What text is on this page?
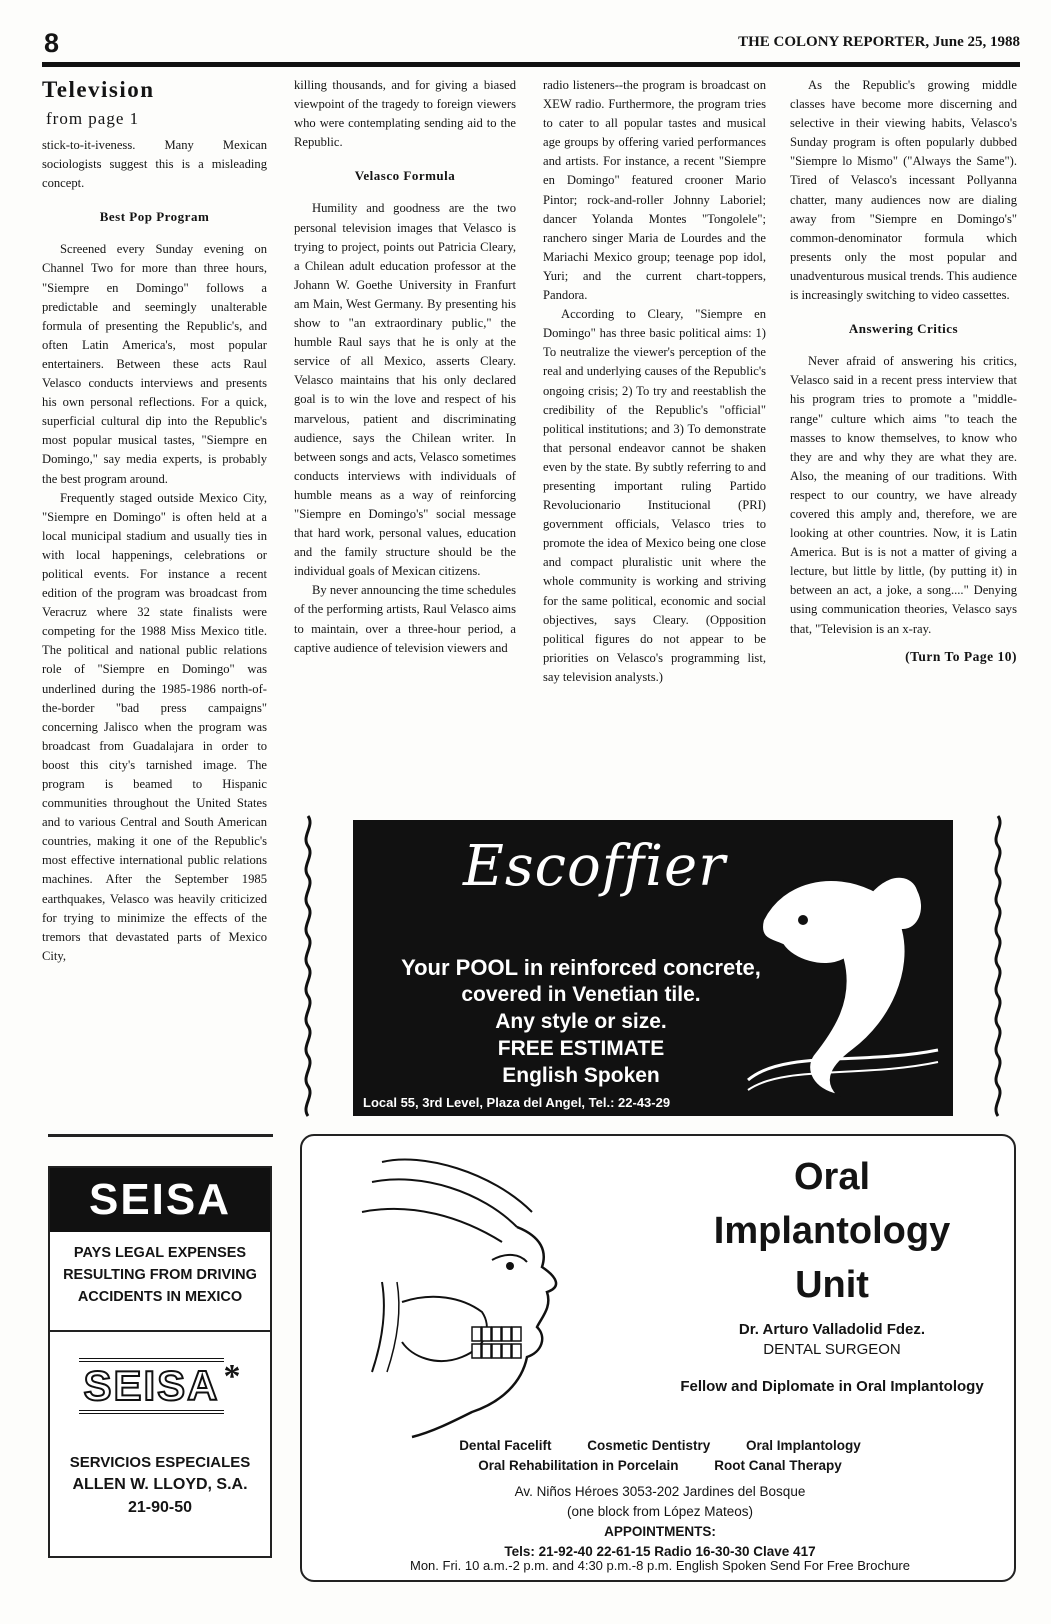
8	THE COLONY REPORTER, June 25, 1988
Television
from page 1

stick-to-it-iveness. Many Mexican sociologists suggest this is a misleading concept.

Best Pop Program

Screened every Sunday evening on Channel Two for more than three hours, "Siempre en Domingo" follows a predictable and seemingly unalterable formula of presenting the Republic's, and often Latin America's, most popular entertainers. Between these acts Raul Velasco conducts interviews and presents his own personal reflections. For a quick, superficial cultural dip into the Republic's most popular musical tastes, "Siempre en Domingo," say media experts, is probably the best program around.

Frequently staged outside Mexico City, "Siempre en Domingo" is often held at a local municipal stadium and usually ties in with local happenings, celebrations or political events. For instance a recent edition of the program was broadcast from Veracruz where 32 state finalists were competing for the 1988 Miss Mexico title. The political and national public relations role of "Siempre en Domingo" was underlined during the 1985-1986 north-of-the-border "bad press campaigns" concerning Jalisco when the program was broadcast from Guadalajara in order to boost this city's tarnished image. The program is beamed to Hispanic communities throughout the United States and to various Central and South American countries, making it one of the Republic's most effective international public relations machines. After the September 1985 earthquakes, Velasco was heavily criticized for trying to minimize the effects of the tremors that devastated parts of Mexico City,

killing thousands, and for giving a biased viewpoint of the tragedy to foreign viewers who were contemplating sending aid to the Republic.

Velasco Formula

Humility and goodness are the two personal television images that Velasco is trying to project, points out Patricia Cleary, a Chilean adult education professor at the Johann W. Goethe University in Franfurt am Main, West Germany. By presenting his show to "an extraordinary public," the humble Raul says that he is only at the service of all Mexico, asserts Cleary. Velasco maintains that his only declared goal is to win the love and respect of his marvelous, patient and discriminating audience, says the Chilean writer. In between songs and acts, Velasco sometimes conducts interviews with individuals of humble means as a way of reinforcing "Siempre en Domingo's" social message that hard work, personal values, education and the family structure should be the individual goals of Mexican citizens.

By never announcing the time schedules of the performing artists, Raul Velasco aims to maintain, over a three-hour period, a captive audience of television viewers and

radio listeners--the program is broadcast on XEW radio. Furthermore, the program tries to cater to all popular tastes and musical age groups by offering varied performances and artists. For instance, a recent "Siempre en Domingo" featured crooner Mario Pintor; rock-and-roller Johnny Laboriel; dancer Yolanda Montes "Tongolele"; ranchero singer Maria de Lourdes and the Mariachi Mexico group; teenage pop idol, Yuri; and the current chart-toppers, Pandora.

According to Cleary, "Siempre en Domingo" has three basic political aims: 1) To neutralize the viewer's perception of the real and underlying causes of the Republic's ongoing crisis; 2) To try and reestablish the credibility of the Republic's "official" political institutions; and 3) To demonstrate that personal endeavor cannot be shaken even by the state. By subtly referring to and presenting important ruling Partido Revolucionario Institucional (PRI) government officials, Velasco tries to promote the idea of Mexico being one close and compact pluralistic unit where the whole community is working and striving for the same political, economic and social objectives, says Cleary. (Opposition political figures do not appear to be priorities on Velasco's programming list, say television analysts.)

As the Republic's growing middle classes have become more discerning and selective in their viewing habits, Velasco's Sunday program is often popularly dubbed "Siempre lo Mismo" ("Always the Same"). Tired of Velasco's incessant Pollyanna chatter, many audiences now are dialing away from "Siempre en Domingo's" common-denominator formula which presents only the most popular and unadventurous musical trends. This audience is increasingly switching to video cassettes.

Answering Critics

Never afraid of answering his critics, Velasco said in a recent press interview that his program tries to promote a "middle-range" culture which aims "to teach the masses to know themselves, to know who they are and why they are what they are. Also, the meaning of our traditions. With respect to our country, we have already covered this amply and, therefore, we are looking at other countries. Now, it is Latin America. But is is not a matter of giving a lecture, but little by little, (by putting it) in between an act, a joke, a song...." Denying using communication theories, Velasco says that, "Television is an x-ray.

(Turn To Page 10)
Escoffier
Your POOL in reinforced concrete,
covered in Venetian tile.
Any style or size.
FREE ESTIMATE
English Spoken
Local 55, 3rd Level, Plaza del Angel, Tel.: 22-43-29
SEISA
PAYS LEGAL EXPENSES RESULTING FROM DRIVING ACCIDENTS IN MEXICO
SEISA *
SERVICIOS ESPECIALES
ALLEN W. LLOYD, S.A.
21-90-50
Oral
Implantology
Unit
Dr. Arturo Valladolid Fdez.
DENTAL SURGEON
Fellow and Diplomate in Oral Implantology
Dental Facelift	Cosmetic Dentistry	Oral Implantology
Oral Rehabilitation in Porcelain	Root Canal Therapy
Av. Niños Héroes 3053-202 Jardines del Bosque
(one block from López Mateos)
APPOINTMENTS:
Tels: 21-92-40 22-61-15 Radio 16-30-30 Clave 417
Mon. Fri. 10 a.m.-2 p.m. and 4:30 p.m.-8 p.m. English Spoken Send For Free Brochure
